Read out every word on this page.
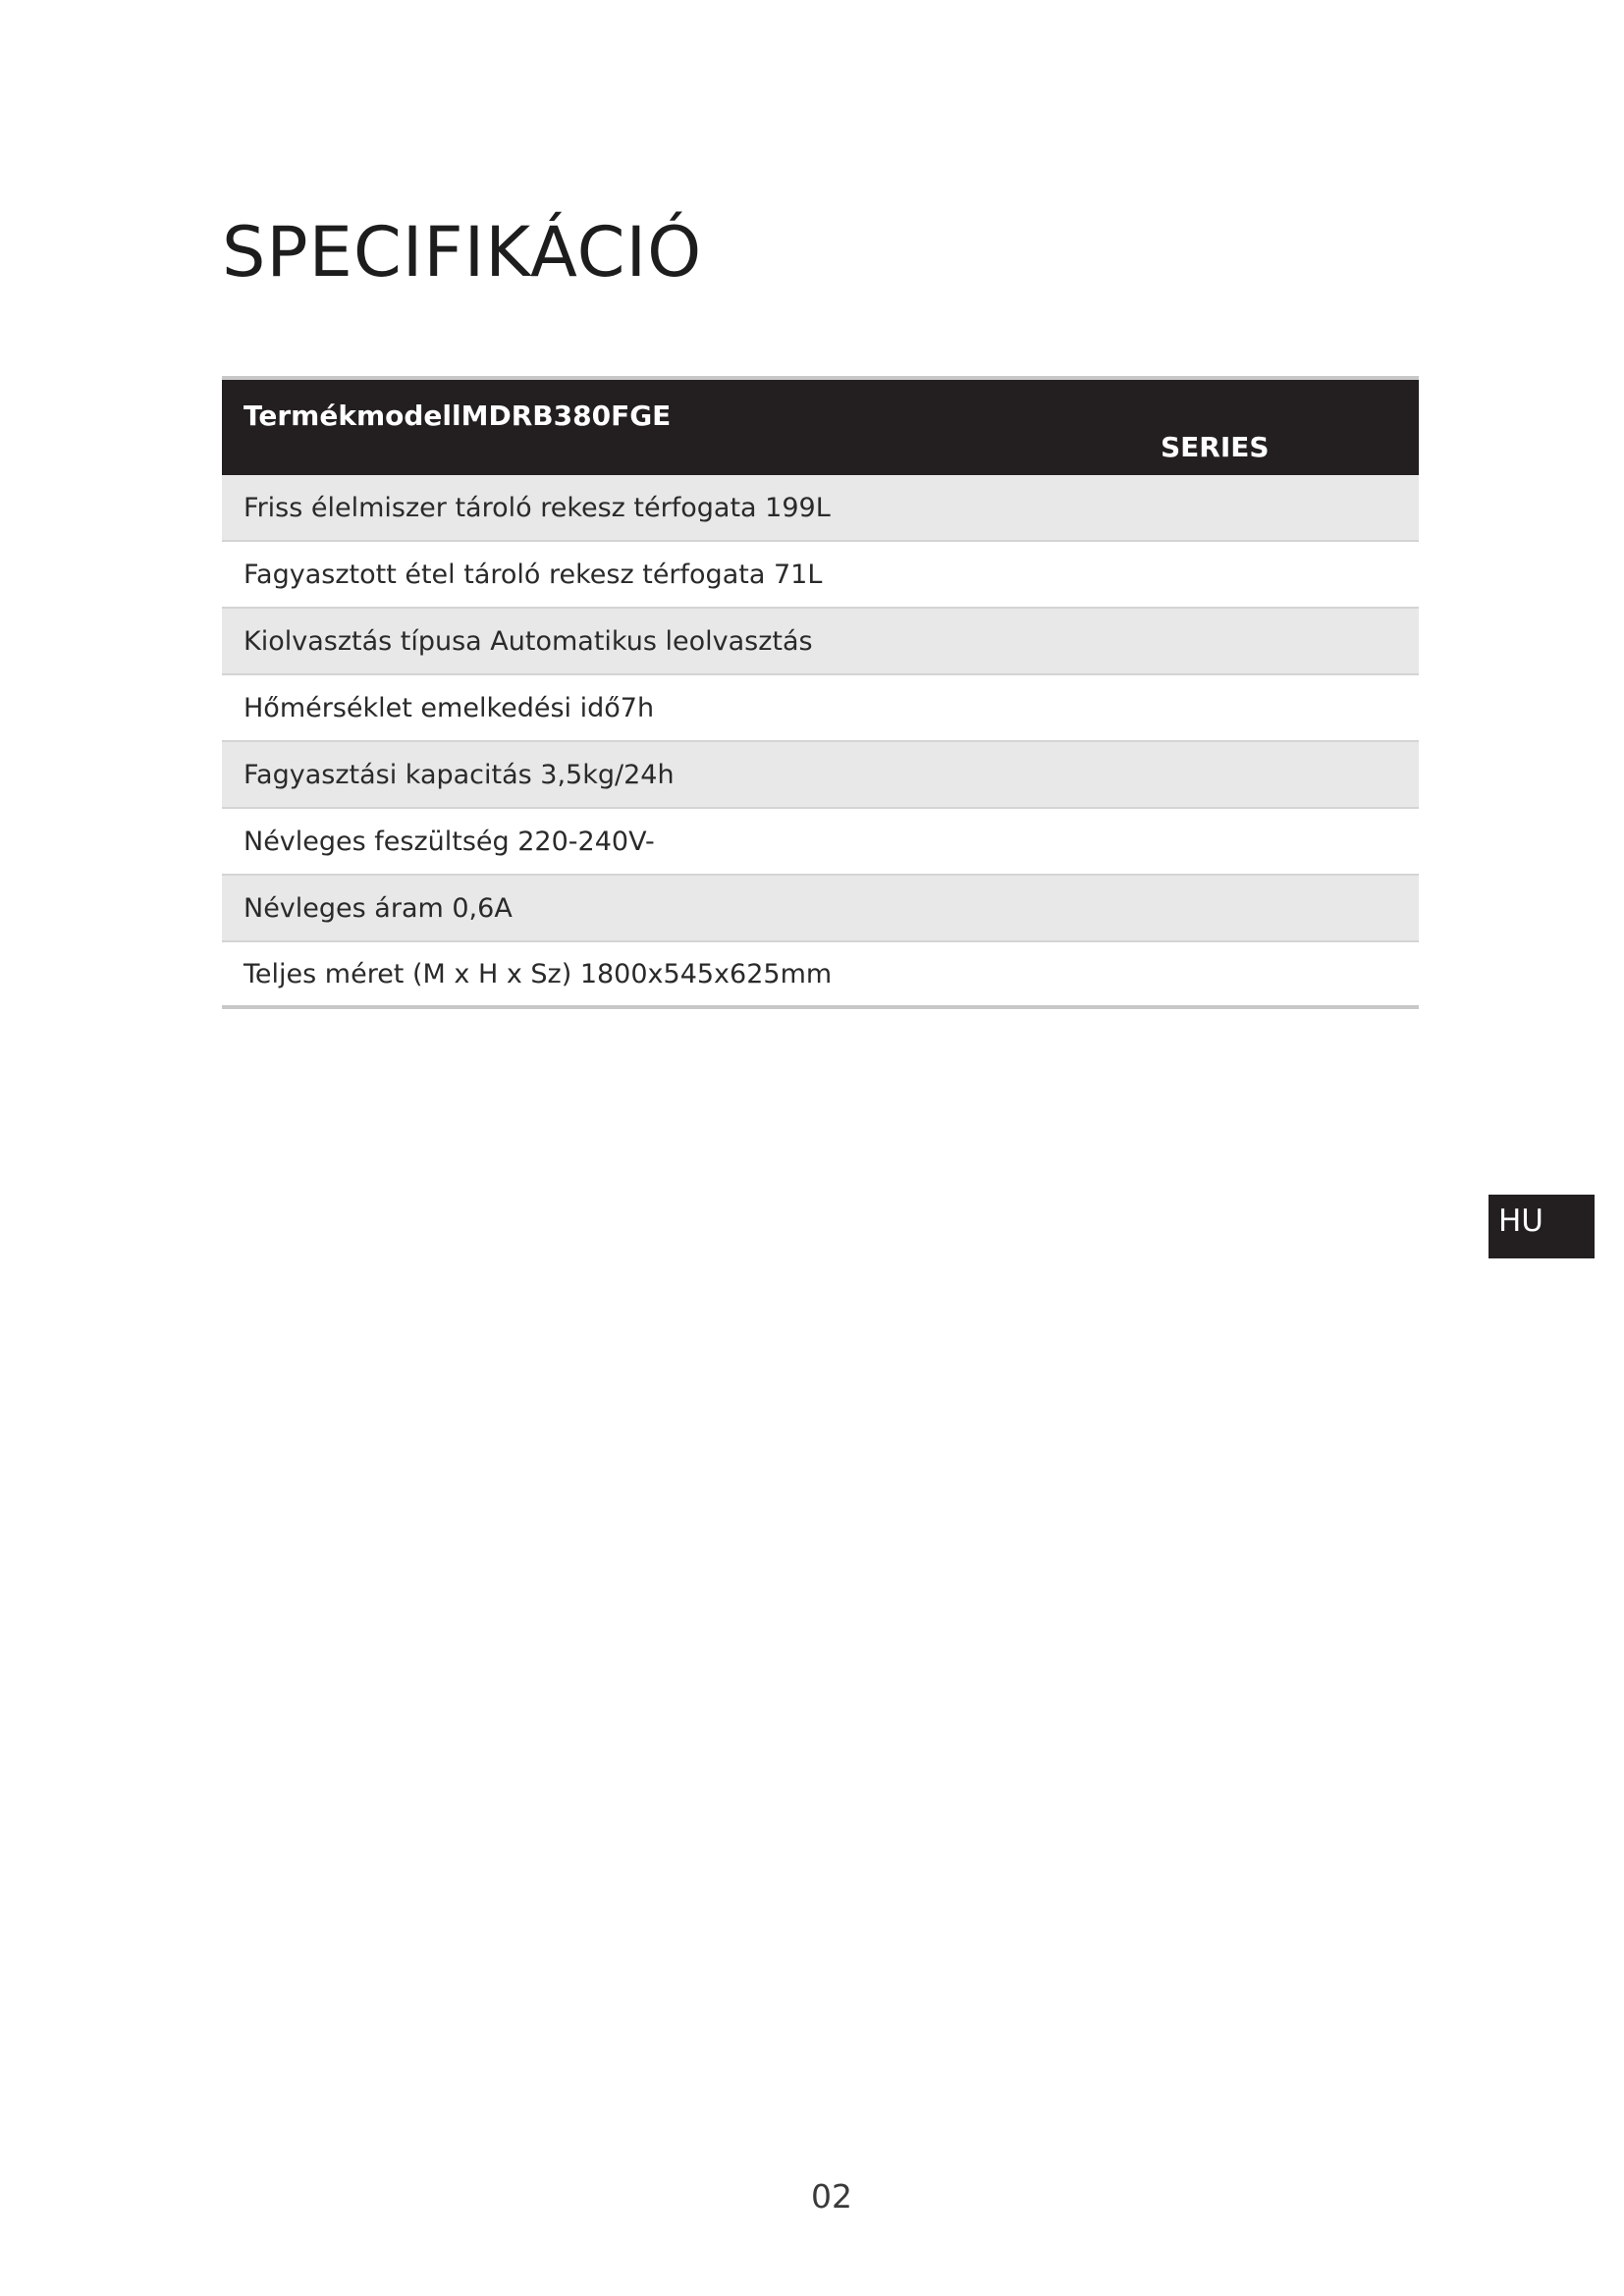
SPECIFIKÁCIÓ
TermékmodellMDRB380FGE
SERIES
Friss élelmiszer tároló rekesz térfogata 199L
Fagyasztott étel tároló rekesz térfogata 71L
Kiolvasztás típusa Automatikus leolvasztás
Hőmérséklet emelkedési idő7h
Fagyasztási kapacitás 3,5kg/24h
Névleges feszültség 220-240V-
Névleges áram 0,6A
Teljes méret (M x H x Sz) 1800x545x625mm
HU
02
